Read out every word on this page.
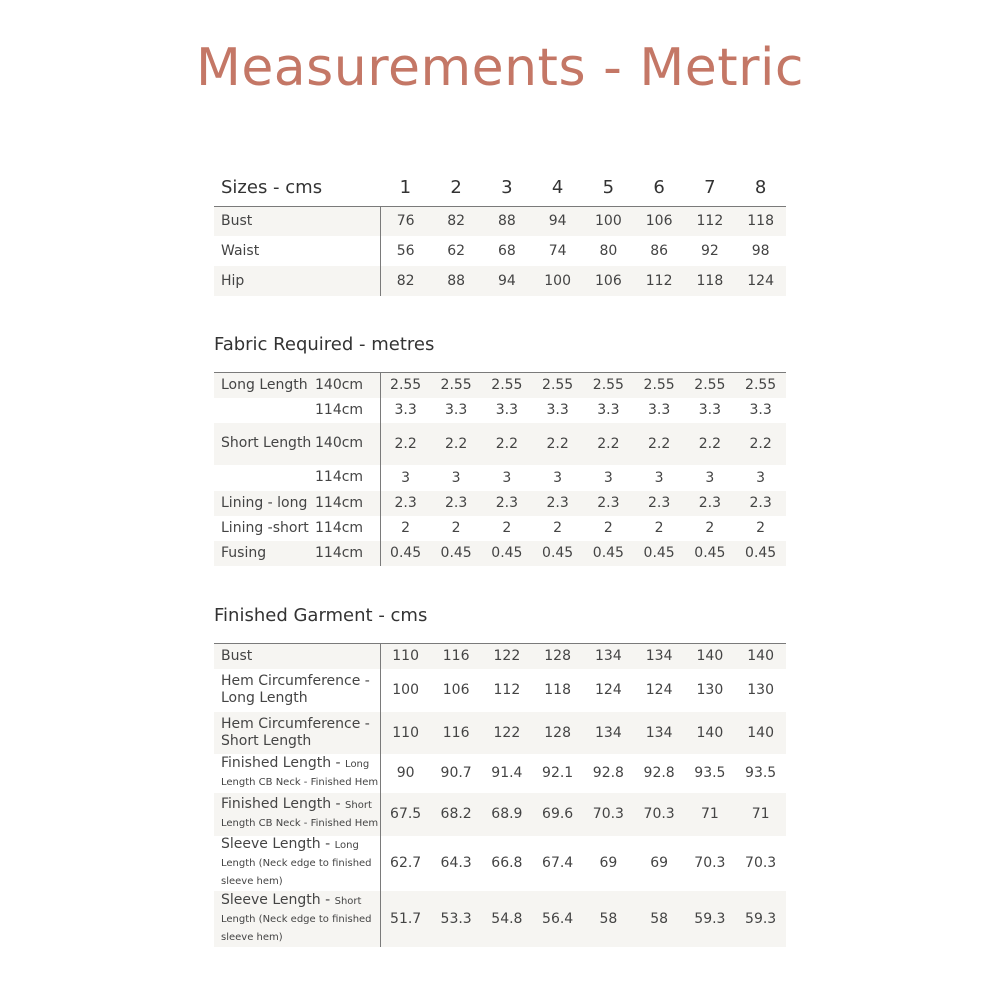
Measurements - Metric
Sizes - cms	1	2	3	4	5	6	7	8
Bust	76	82	88	94	100	106	112	118
Waist	56	62	68	74	80	86	92	98
Hip	82	88	94	100	106	112	118	124
Fabric Required - metres
Long Length 140cm	2.55	2.55	2.55	2.55	2.55	2.55	2.55	2.55

114cm	3.3	3.3	3.3	3.3	3.3	3.3	3.3	3.3

Short Length 140cm	2.2	2.2	2.2	2.2	2.2	2.2	2.2	2.2

114cm	3	3	3	3	3	3	3	3

Lining - long 114cm	2.3	2.3	2.3	2.3	2.3	2.3	2.3	2.3

Lining -short 114cm	2	2	2	2	2	2	2	2

Fusing 114cm	0.45	0.45	0.45	0.45	0.45	0.45	0.45	0.45
Finished Garment - cms
Bust	110	116	122	128	134	134	140	140
Hem Circumference - Long Length	100	106	112	118	124	124	130	130
Hem Circumference - Short Length	110	116	122	128	134	134	140	140
Finished Length - Long Length CB Neck - Finished Hem	90	90.7	91.4	92.1	92.8	92.8	93.5	93.5
Finished Length - Short Length CB Neck - Finished Hem	67.5	68.2	68.9	69.6	70.3	70.3	71	71
Sleeve Length - Long Length (Neck edge to finished sleeve hem)	62.7	64.3	66.8	67.4	69	69	70.3	70.3
Sleeve Length - Short Length (Neck edge to finished sleeve hem)	51.7	53.3	54.8	56.4	58	58	59.3	59.3
